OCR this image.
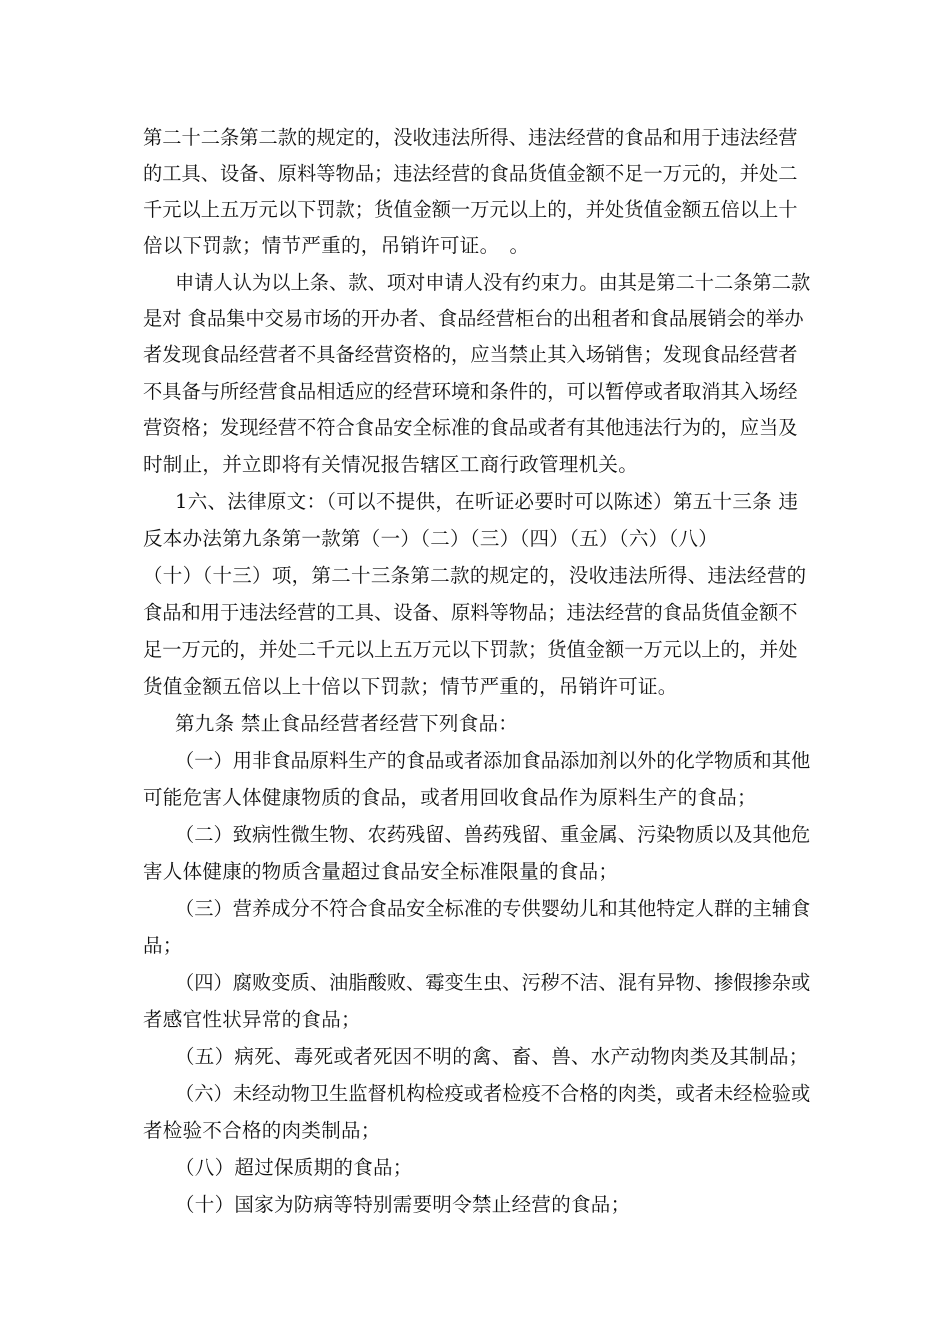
第二十二条第二款的规定的，没收违法所得、违法经营的食品和用于违法经营
的工具、设备、原料等物品；违法经营的食品货值金额不足一万元的，并处二
千元以上五万元以下罚款；货值金额一万元以上的，并处货值金额五倍以上十
倍以下罚款；情节严重的，吊销许可证。　。
申请人认为以上条、款、项对申请人没有约束力。由其是第二十二条第二款
是对 食品集中交易市场的开办者、食品经营柜台的出租者和食品展销会的举办
者发现食品经营者不具备经营资格的，应当禁止其入场销售；发现食品经营者
不具备与所经营食品相适应的经营环境和条件的，可以暂停或者取消其入场经
营资格；发现经营不符合食品安全标准的食品或者有其他违法行为的，应当及
时制止，并立即将有关情况报告辖区工商行政管理机关。
1六、法律原文：（可以不提供，在听证必要时可以陈述）第五十三条 违
反本办法第九条第一款第（一）（二）（三）（四）（五）（六）（八）
（十）（十三）项，第二十三条第二款的规定的，没收违法所得、违法经营的
食品和用于违法经营的工具、设备、原料等物品；违法经营的食品货值金额不
足一万元的，并处二千元以上五万元以下罚款；货值金额一万元以上的，并处
货值金额五倍以上十倍以下罚款；情节严重的，吊销许可证。
第九条 禁止食品经营者经营下列食品：
（一）用非食品原料生产的食品或者添加食品添加剂以外的化学物质和其他
可能危害人体健康物质的食品，或者用回收食品作为原料生产的食品；
（二）致病性微生物、农药残留、兽药残留、重金属、污染物质以及其他危
害人体健康的物质含量超过食品安全标准限量的食品；
（三）营养成分不符合食品安全标准的专供婴幼儿和其他特定人群的主辅食
品；
（四）腐败变质、油脂酸败、霉变生虫、污秽不洁、混有异物、掺假掺杂或
者感官性状异常的食品；
（五）病死、毒死或者死因不明的禽、畜、兽、水产动物肉类及其制品；
（六）未经动物卫生监督机构检疫或者检疫不合格的肉类，或者未经检验或
者检验不合格的肉类制品；
（八）超过保质期的食品；
（十）国家为防病等特别需要明令禁止经营的食品；
